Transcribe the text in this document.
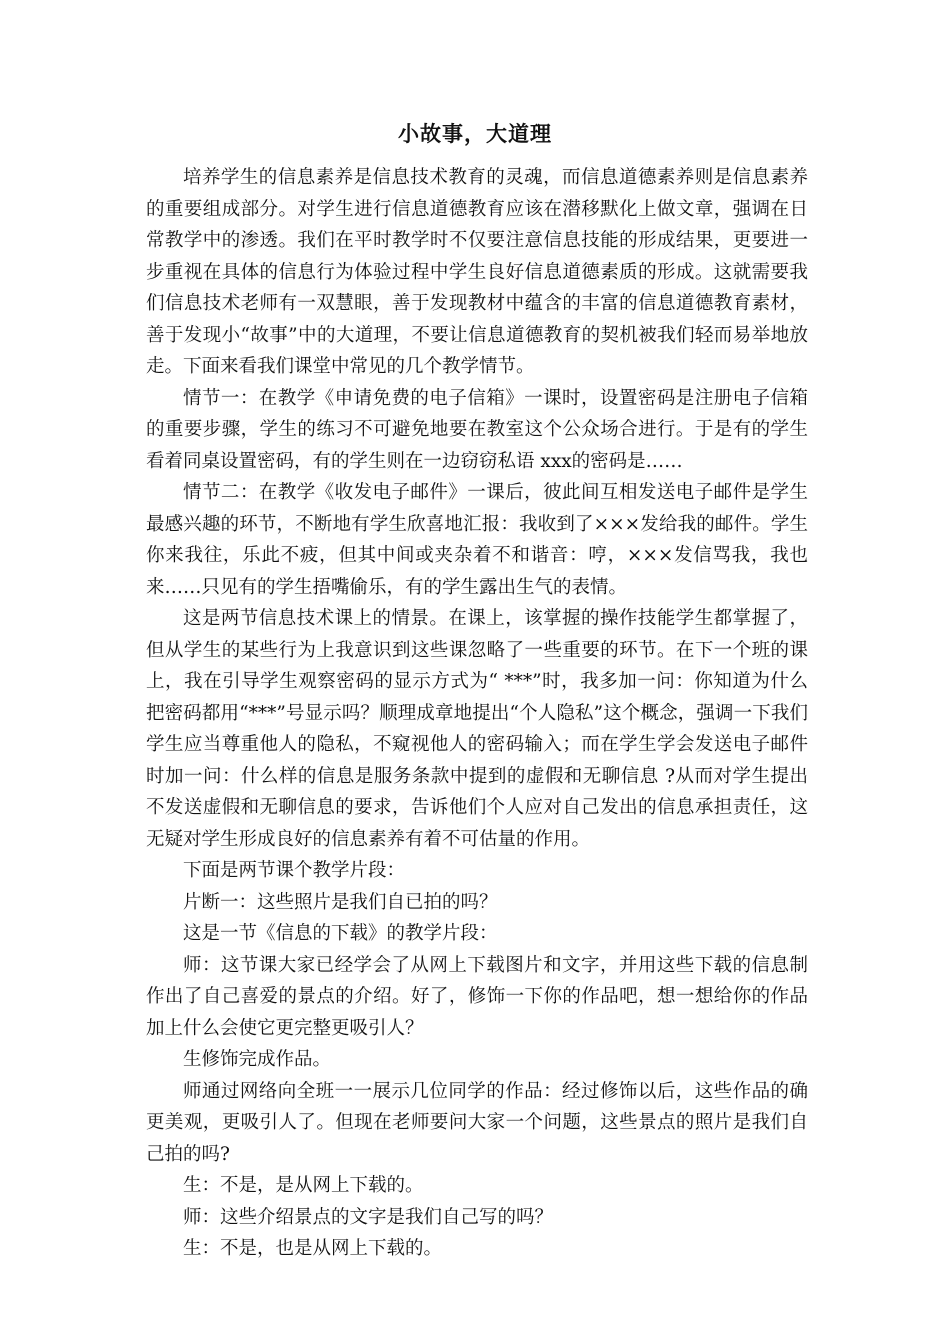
小故事，大道理

培养学生的信息素养是信息技术教育的灵魂，而信息道德素养则是信息素养的重要组成部分。对学生进行信息道德教育应该在潜移默化上做文章，强调在日常教学中的渗透。我们在平时教学时不仅要注意信息技能的形成结果，更要进一步重视在具体的信息行为体验过程中学生良好信息道德素质的形成。这就需要我们信息技术老师有一双慧眼，善于发现教材中蕴含的丰富的信息道德教育素材，善于发现小“故事”中的大道理，不要让信息道德教育的契机被我们轻而易举地放走。下面来看我们课堂中常见的几个教学情节。

情节一：在教学《申请免费的电子信箱》一课时，设置密码是注册电子信箱的重要步骤，学生的练习不可避免地要在教室这个公众场合进行。于是有的学生看着同桌设置密码，有的学生则在一边窃窃私语 xxx的密码是……

情节二：在教学《收发电子邮件》一课后，彼此间互相发送电子邮件是学生最感兴趣的环节，不断地有学生欣喜地汇报：我收到了×××发给我的邮件。学生你来我往，乐此不疲，但其中间或夹杂着不和谐音：哼，×××发信骂我，我也来……只见有的学生捂嘴偷乐，有的学生露出生气的表情。

这是两节信息技术课上的情景。在课上，该掌握的操作技能学生都掌握了，但从学生的某些行为上我意识到这些课忽略了一些重要的环节。在下一个班的课上，我在引导学生观察密码的显示方式为“ ***”时，我多加一问：你知道为什么把密码都用“***”号显示吗？顺理成章地提出“个人隐私”这个概念，强调一下我们学生应当尊重他人的隐私，不窥视他人的密码输入；而在学生学会发送电子邮件时加一问：什么样的信息是服务条款中提到的虚假和无聊信息 ?从而对学生提出不发送虚假和无聊信息的要求，告诉他们个人应对自己发出的信息承担责任，这无疑对学生形成良好的信息素养有着不可估量的作用。

下面是两节课个教学片段：

片断一：这些照片是我们自已拍的吗？

这是一节《信息的下载》的教学片段：

师：这节课大家已经学会了从网上下载图片和文字，并用这些下载的信息制作出了自己喜爱的景点的介绍。好了，修饰一下你的作品吧，想一想给你的作品加上什么会使它更完整更吸引人？

生修饰完成作品。

师通过网络向全班一一展示几位同学的作品：经过修饰以后，这些作品的确更美观，更吸引人了。但现在老师要问大家一个问题，这些景点的照片是我们自己拍的吗?

生：不是，是从网上下载的。

师：这些介绍景点的文字是我们自己写的吗？

生：不是，也是从网上下载的。
